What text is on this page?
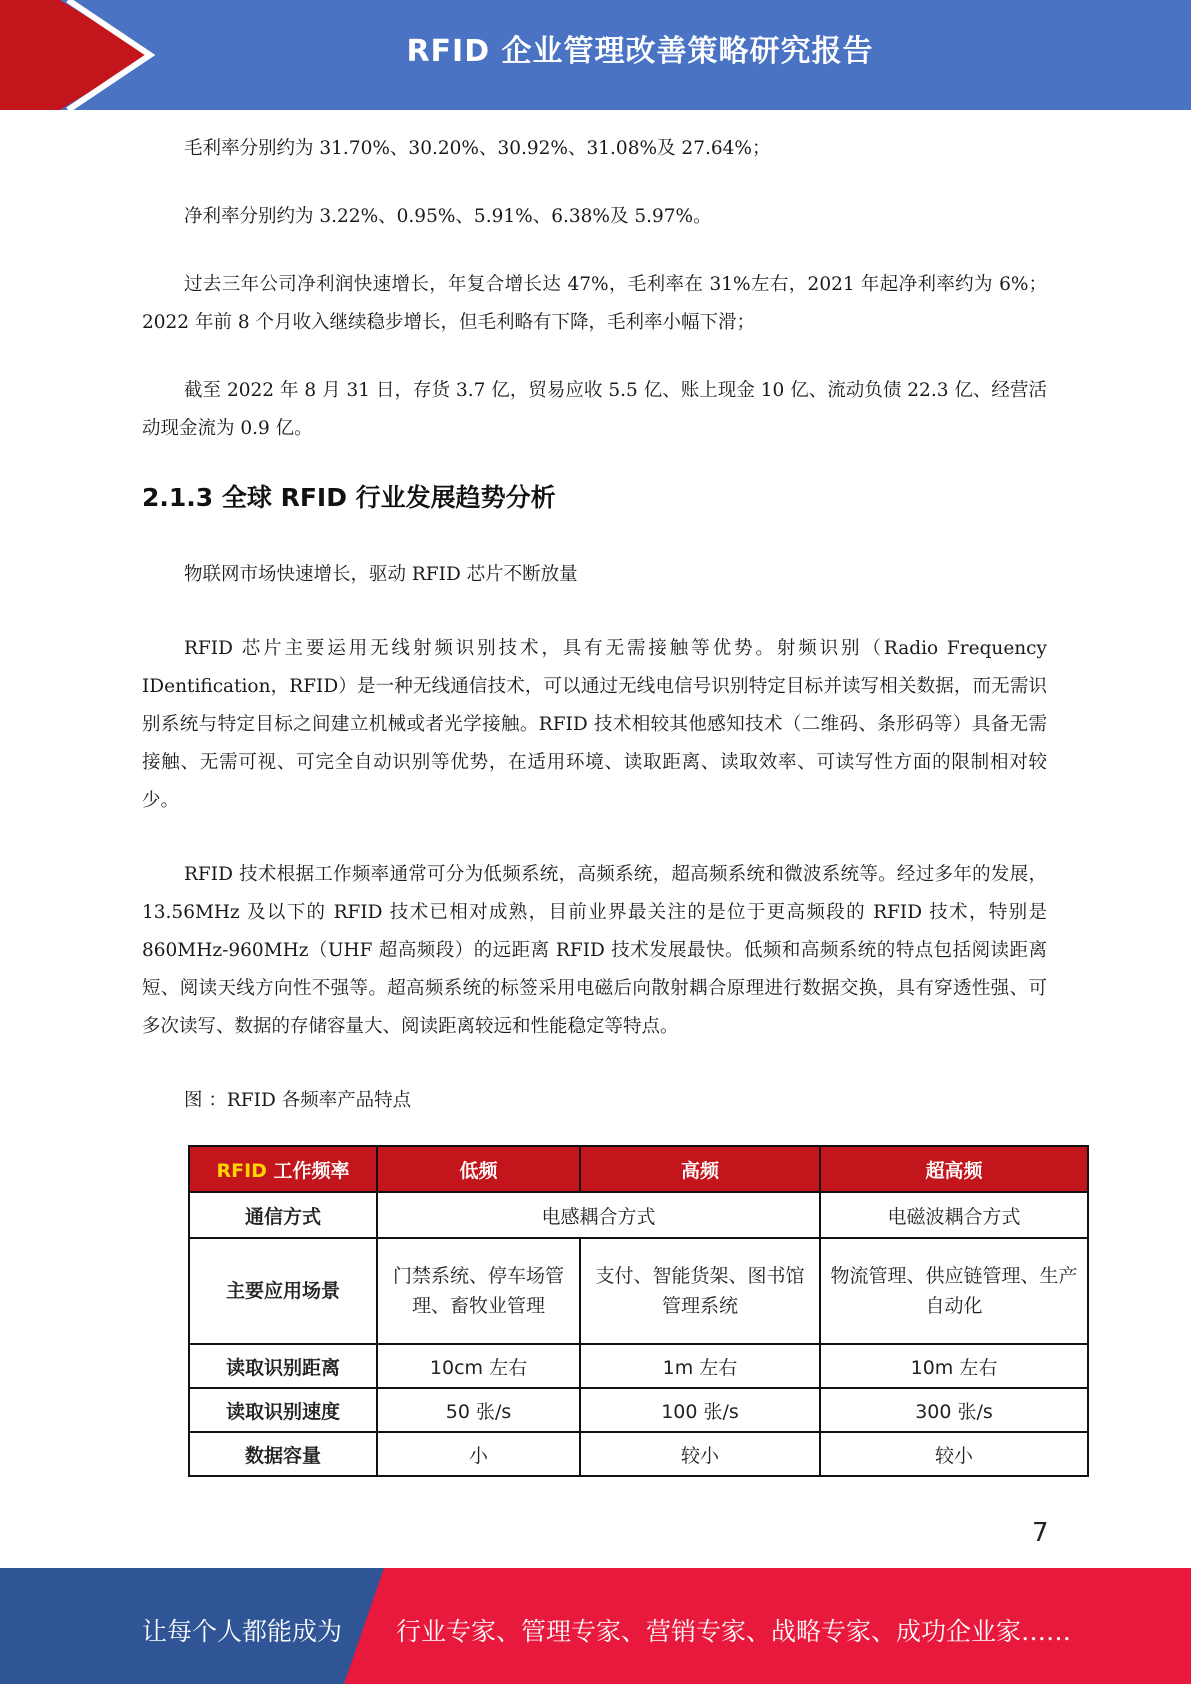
RFID 企业管理改善策略研究报告

毛利率分别约为 31.70%、30.20%、30.92%、31.08%及 27.64%；

净利率分别约为 3.22%、0.95%、5.91%、6.38%及 5.97%。

过去三年公司净利润快速增长，年复合增长达 47%，毛利率在 31%左右，2021 年起净利率约为 6%；2022 年前 8 个月收入继续稳步增长，但毛利略有下降，毛利率小幅下滑；

截至 2022 年 8 月 31 日，存货 3.7 亿，贸易应收 5.5 亿、账上现金 10 亿、流动负债 22.3 亿、经营活动现金流为 0.9 亿。

2.1.3 全球 RFID 行业发展趋势分析

物联网市场快速增长，驱动 RFID 芯片不断放量

RFID 芯片主要运用无线射频识别技术，具有无需接触等优势。射频识别（Radio Frequency IDentification，RFID）是一种无线通信技术，可以通过无线电信号识别特定目标并读写相关数据，而无需识别系统与特定目标之间建立机械或者光学接触。RFID 技术相较其他感知技术（二维码、条形码等）具备无需接触、无需可视、可完全自动识别等优势，在适用环境、读取距离、读取效率、可读写性方面的限制相对较少。

RFID 技术根据工作频率通常可分为低频系统，高频系统，超高频系统和微波系统等。经过多年的发展，13.56MHz 及以下的 RFID 技术已相对成熟，目前业界最关注的是位于更高频段的 RFID 技术，特别是 860MHz-960MHz（UHF 超高频段）的远距离 RFID 技术发展最快。低频和高频系统的特点包括阅读距离短、阅读天线方向性不强等。超高频系统的标签采用电磁后向散射耦合原理进行数据交换，具有穿透性强、可多次读写、数据的存储容量大、阅读距离较远和性能稳定等特点。

图 ：RFID 各频率产品特点

RFID 工作频率	低频	高频	超高频
通信方式	电感耦合方式		电磁波耦合方式
主要应用场景	门禁系统、停车场管理、畜牧业管理	支付、智能货架、图书馆管理系统	物流管理、供应链管理、生产自动化
读取识别距离	10cm 左右	1m 左右	10m 左右
读取识别速度	50 张/s	100 张/s	300 张/s
数据容量	小	较小	较小
7
让每个人都能成为 行业专家、管理专家、营销专家、战略专家、成功企业家……
